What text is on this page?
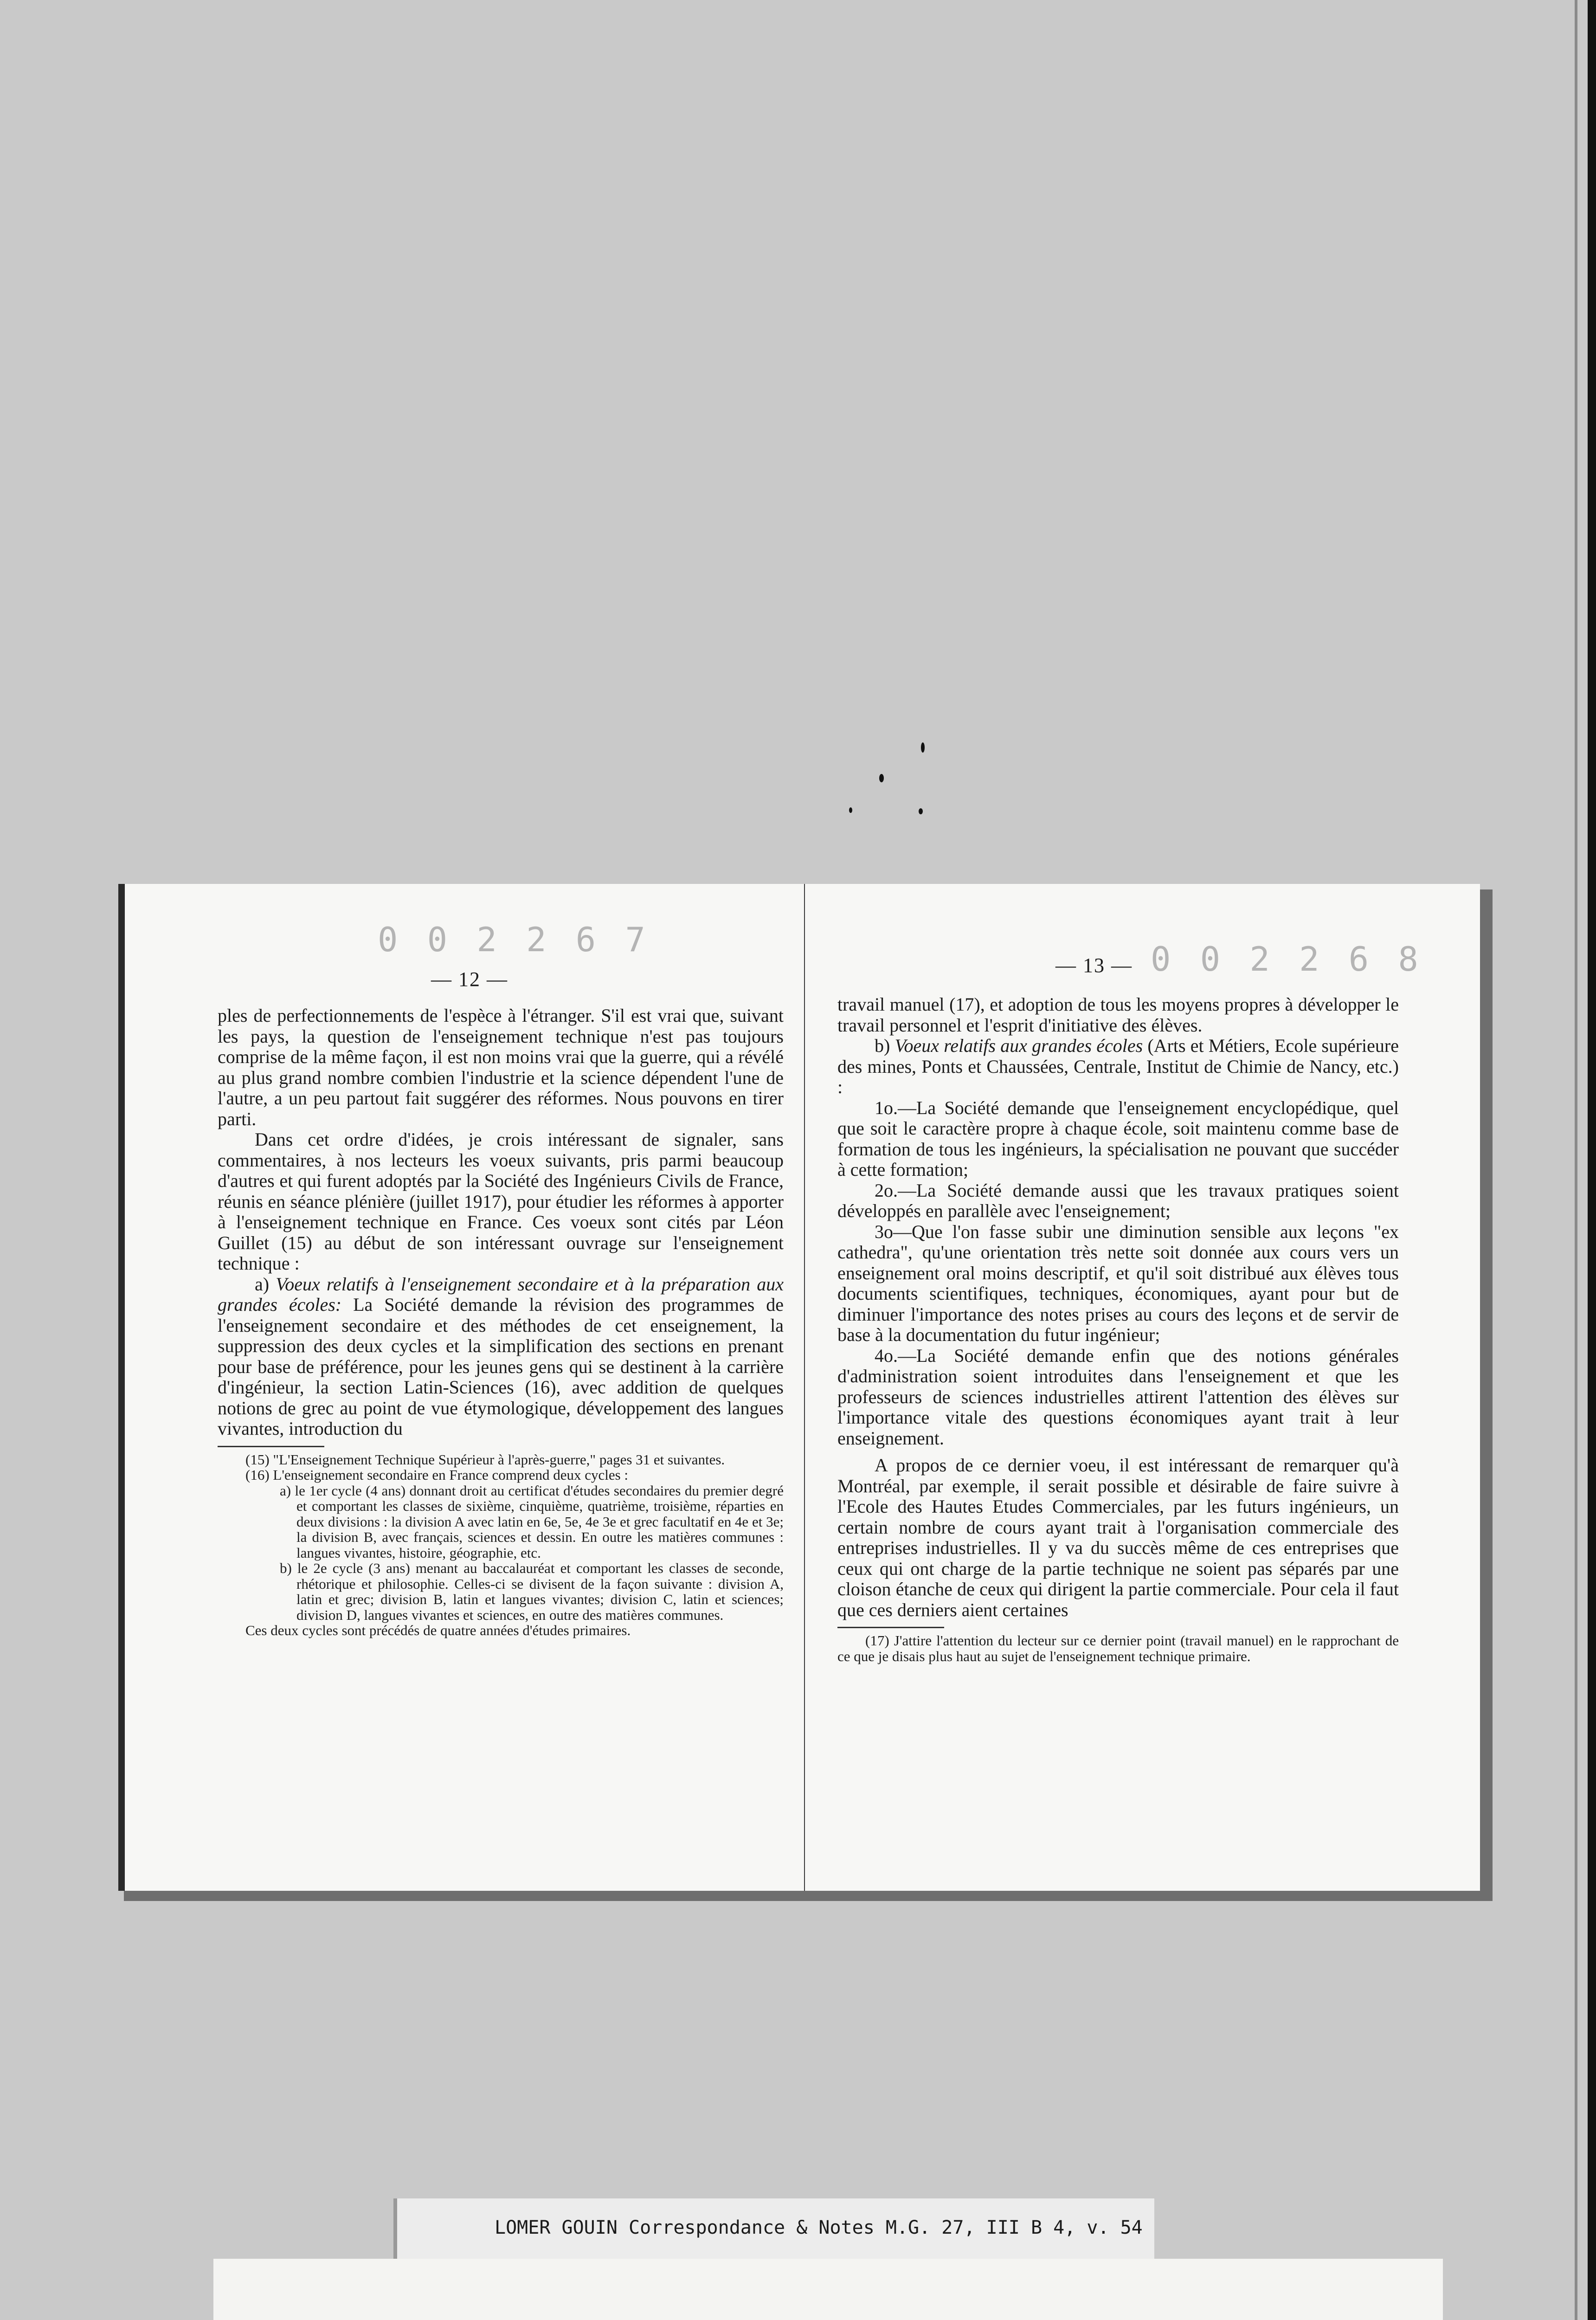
0 0 2 2 6 7
— 12 —

ples de perfectionnements de l'espèce à l'étranger. S'il est vrai que, suivant les pays, la question de l'enseignement technique n'est pas toujours comprise de la même façon, il est non moins vrai que la guerre, qui a révélé au plus grand nombre combien l'industrie et la science dépendent l'une de l'autre, a un peu partout fait suggérer des réformes. Nous pouvons en tirer parti.

Dans cet ordre d'idées, je crois intéressant de signaler, sans commentaires, à nos lecteurs les voeux suivants, pris parmi beaucoup d'autres et qui furent adoptés par la Société des Ingénieurs Civils de France, réunis en séance plénière (juillet 1917), pour étudier les réformes à apporter à l'enseignement technique en France. Ces voeux sont cités par Léon Guillet (15) au début de son intéressant ouvrage sur l'enseignement technique :

a) Voeux relatifs à l'enseignement secondaire et à la préparation aux grandes écoles: La Société demande la révision des programmes de l'enseignement secondaire et des méthodes de cet enseignement, la suppression des deux cycles et la simplification des sections en prenant pour base de préférence, pour les jeunes gens qui se destinent à la carrière d'ingénieur, la section Latin-Sciences (16), avec addition de quelques notions de grec au point de vue étymologique, développement des langues vivantes, introduction du

(15) "L'Enseignement Technique Supérieur à l'après-guerre," pages 31 et suivantes.

(16) L'enseignement secondaire en France comprend deux cycles :

a) le 1er cycle (4 ans) donnant droit au certificat d'études secondaires du premier degré et comportant les classes de sixième, cinquième, quatrième, troisième, réparties en deux divisions : la division A avec latin en 6e, 5e, 4e 3e et grec facultatif en 4e et 3e; la division B, avec français, sciences et dessin. En outre les matières communes : langues vivantes, histoire, géographie, etc.

b) le 2e cycle (3 ans) menant au baccalauréat et comportant les classes de seconde, rhétorique et philosophie. Celles-ci se divisent de la façon suivante : division A, latin et grec; division B, latin et langues vivantes; division C, latin et sciences; division D, langues vivantes et sciences, en outre des matières communes.

Ces deux cycles sont précédés de quatre années d'études primaires.

— 13 — 0 0 2 2 6 8

travail manuel (17), et adoption de tous les moyens propres à développer le travail personnel et l'esprit d'initiative des élèves.

b) Voeux relatifs aux grandes écoles (Arts et Métiers, Ecole supérieure des mines, Ponts et Chaussées, Centrale, Institut de Chimie de Nancy, etc.) :

1o.—La Société demande que l'enseignement encyclopédique, quel que soit le caractère propre à chaque école, soit maintenu comme base de formation de tous les ingénieurs, la spécialisation ne pouvant que succéder à cette formation;

2o.—La Société demande aussi que les travaux pratiques soient développés en parallèle avec l'enseignement;

3o—Que l'on fasse subir une diminution sensible aux leçons "ex cathedra", qu'une orientation très nette soit donnée aux cours vers un enseignement oral moins descriptif, et qu'il soit distribué aux élèves tous documents scientifiques, techniques, économiques, ayant pour but de diminuer l'importance des notes prises au cours des leçons et de servir de base à la documentation du futur ingénieur;

4o.—La Société demande enfin que des notions générales d'administration soient introduites dans l'enseignement et que les professeurs de sciences industrielles attirent l'attention des élèves sur l'importance vitale des questions économiques ayant trait à leur enseignement.

A propos de ce dernier voeu, il est intéressant de remarquer qu'à Montréal, par exemple, il serait possible et désirable de faire suivre à l'Ecole des Hautes Etudes Commerciales, par les futurs ingénieurs, un certain nombre de cours ayant trait à l'organisation commerciale des entreprises industrielles. Il y va du succès même de ces entreprises que ceux qui ont charge de la partie technique ne soient pas séparés par une cloison étanche de ceux qui dirigent la partie commerciale. Pour cela il faut que ces derniers aient certaines

(17) J'attire l'attention du lecteur sur ce dernier point (travail manuel) en le rapprochant de ce que je disais plus haut au sujet de l'enseignement technique primaire.

LOMER GOUIN Correspondance & Notes M.G. 27, III B 4, v. 54
